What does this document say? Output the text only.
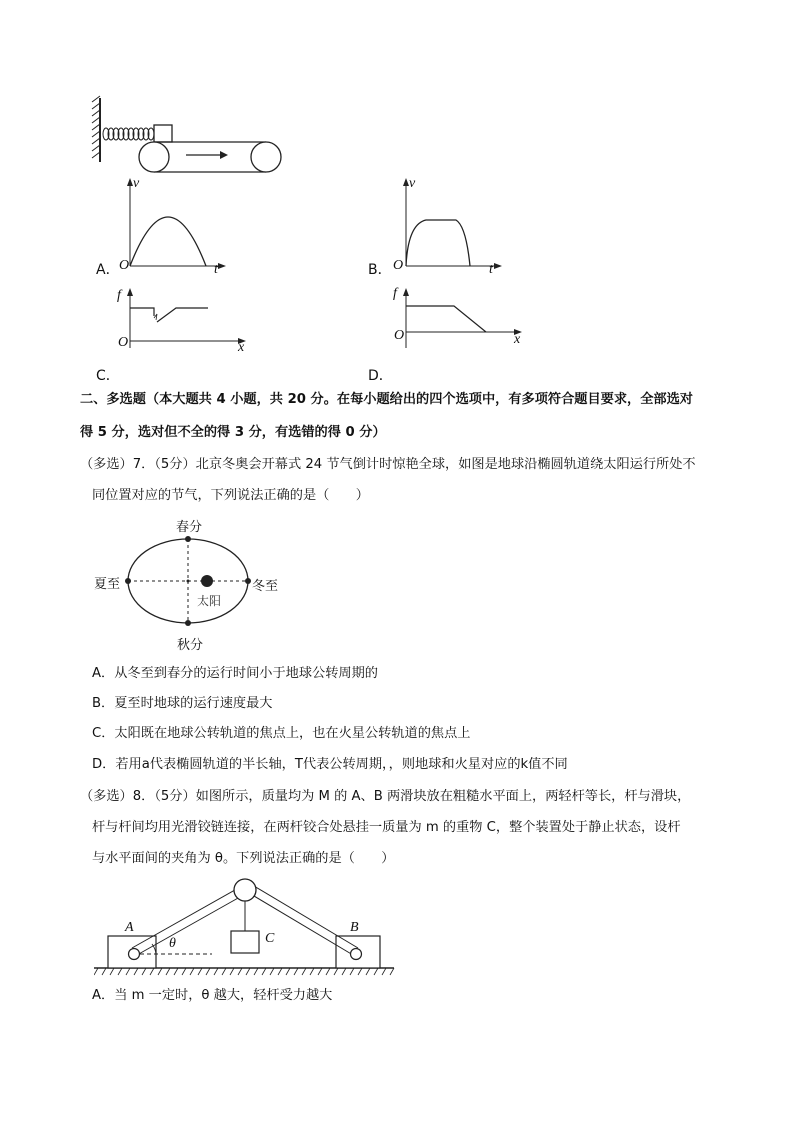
v
t
O
A．
v
t
O
B．
f
x
O
C．
f
x
O
D．
二、多选题（本大题共 4 小题，共 20 分。在每小题给出的四个选项中，有多项符合题目要求，全部选对
得 5 分，选对但不全的得 3 分，有选错的得 0 分）
（多选）7．（5分）北京冬奥会开幕式 24 节气倒计时惊艳全球，如图是地球沿椭圆轨道绕太阳运行所处不
同位置对应的节气，下列说法正确的是（　　）
春分
秋分
夏至	冬至
太阳
A．从冬至到春分的运行时间小于地球公转周期的
B．夏至时地球的运行速度最大
C．太阳既在地球公转轨道的焦点上，也在火星公转轨道的焦点上
D．若用a代表椭圆轨道的半长轴，T代表公转周期，，则地球和火星对应的k值不同
（多选）8．（5分）如图所示，质量均为 M 的 A、B 两滑块放在粗糙水平面上，两轻杆等长，杆与滑块，
杆与杆间均用光滑铰链连接，在两杆铰合处悬挂一质量为 m 的重物 C，整个装置处于静止状态，设杆
与水平面间的夹角为 θ。下列说法正确的是（　　）
A	B
C
θ
A．当 m 一定时，θ 越大，轻杆受力越大
